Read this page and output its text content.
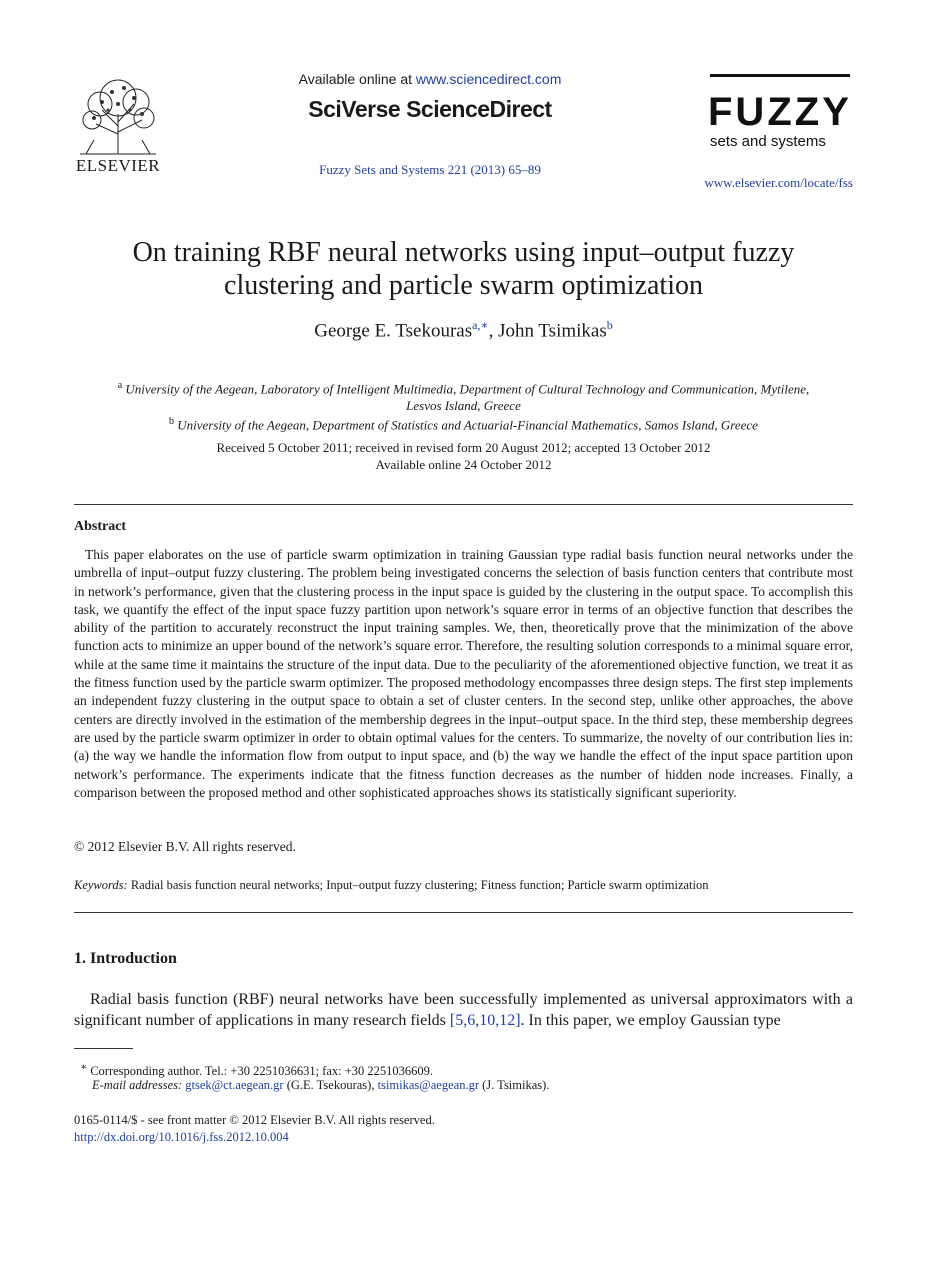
ELSEVIER
Available online at www.sciencedirect.com
SciVerse ScienceDirect
Fuzzy Sets and Systems 221 (2013) 65–89
FUZZY
sets and systems
www.elsevier.com/locate/fss
On training RBF neural networks using input–output fuzzy
clustering and particle swarm optimization
George E. Tsekouras$^{a,∗}$, John Tsimikas$^b$
$^a$ University of the Aegean, Laboratory of Intelligent Multimedia, Department of Cultural Technology and Communication, Mytilene,
Lesvos Island, Greece
$^b$ University of the Aegean, Department of Statistics and Actuarial-Financial Mathematics, Samos Island, Greece
Received 5 October 2011; received in revised form 20 August 2012; accepted 13 October 2012
Available online 24 October 2012
Abstract
This paper elaborates on the use of particle swarm optimization in training Gaussian type radial basis function neural networks under the umbrella of input–output fuzzy clustering. The problem being investigated concerns the selection of basis function centers that contribute most in network’s performance, given that the clustering process in the input space is guided by the clustering in the output space. To accomplish this task, we quantify the effect of the input space fuzzy partition upon network’s square error in terms of an objective function that describes the ability of the partition to accurately reconstruct the input training samples. We, then, theoretically prove that the minimization of the above function acts to minimize an upper bound of the network’s square error. Therefore, the resulting solution corresponds to a minimal square error, while at the same time it maintains the structure of the input data. Due to the peculiarity of the aforementioned objective function, we treat it as the fitness function used by the particle swarm optimizer. The proposed methodology encompasses three design steps. The first step implements an independent fuzzy clustering in the output space to obtain a set of cluster centers. In the second step, unlike other approaches, the above centers are directly involved in the estimation of the membership degrees in the input–output space. In the third step, these membership degrees are used by the particle swarm optimizer in order to obtain optimal values for the centers. To summarize, the novelty of our contribution lies in: (a) the way we handle the information flow from output to input space, and (b) the way we handle the effect of the input space partition upon network’s performance. The experiments indicate that the fitness function decreases as the number of hidden node increases. Finally, a comparison between the proposed method and other sophisticated approaches shows its statistically significant superiority.
© 2012 Elsevier B.V. All rights reserved.
Keywords: Radial basis function neural networks; Input–output fuzzy clustering; Fitness function; Particle swarm optimization
1. Introduction
Radial basis function (RBF) neural networks have been successfully implemented as universal approximators with a significant number of applications in many research fields [5,6,10,12]. In this paper, we employ Gaussian type
∗ Corresponding author. Tel.: +30 2251036631; fax: +30 2251036609.
E-mail addresses: gtsek@ct.aegean.gr (G.E. Tsekouras), tsimikas@aegean.gr (J. Tsimikas).
0165-0114/$ - see front matter © 2012 Elsevier B.V. All rights reserved.
http://dx.doi.org/10.1016/j.fss.2012.10.004
